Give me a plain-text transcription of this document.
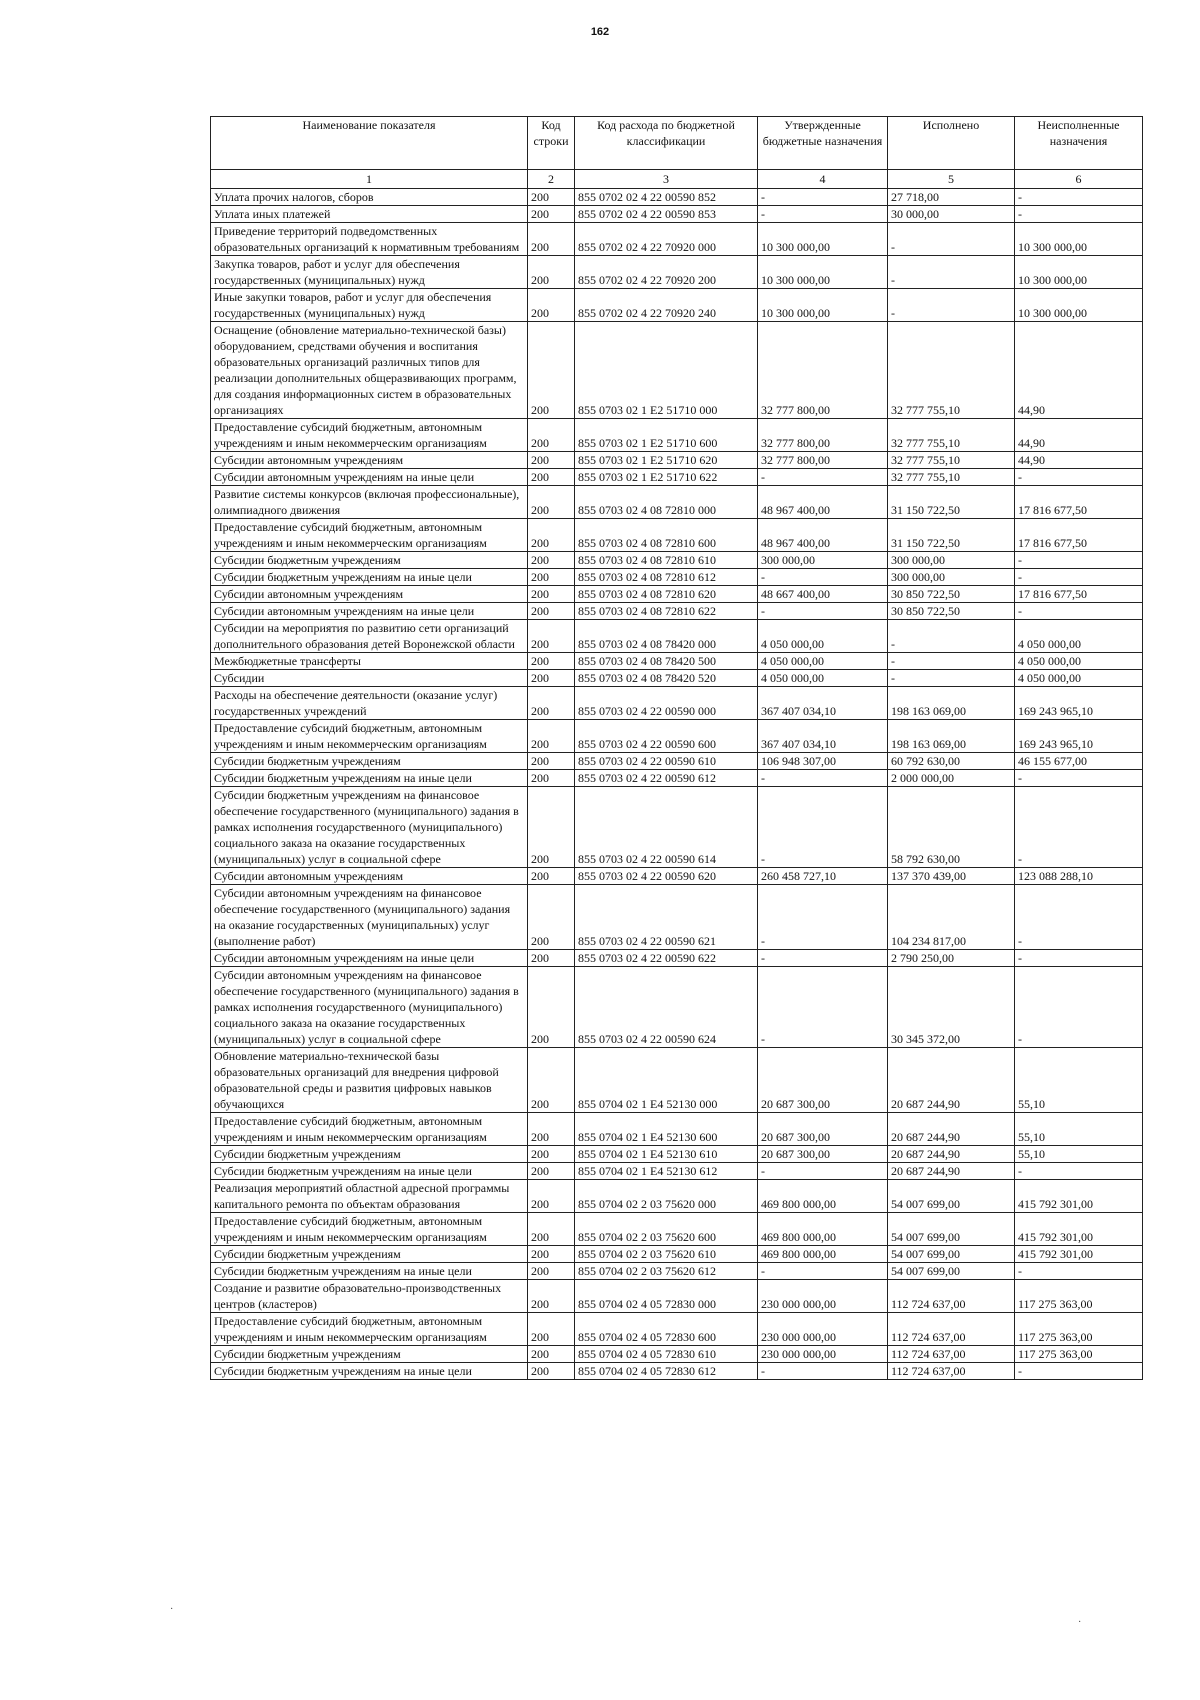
162
Наименование показателя	Код строки	Код расхода по бюджетной классификации	Утвержденные бюджетные назначения	Исполнено	Неисполненные назначения
1	2	3	4	5	6
Уплата прочих налогов, сборов	200	855 0702 02 4 22 00590 852	-	27 718,00	-
Уплата иных платежей	200	855 0702 02 4 22 00590 853	-	30 000,00	-
Приведение территорий подведомственных образовательных организаций к нормативным требованиям	200	855 0702 02 4 22 70920 000	10 300 000,00	-	10 300 000,00
Закупка товаров, работ и услуг для обеспечения государственных (муниципальных) нужд	200	855 0702 02 4 22 70920 200	10 300 000,00	-	10 300 000,00
Иные закупки товаров, работ и услуг для обеспечения государственных (муниципальных) нужд	200	855 0702 02 4 22 70920 240	10 300 000,00	-	10 300 000,00
Оснащение (обновление материально-технической базы) оборудованием, средствами обучения и воспитания образовательных организаций различных типов для реализации дополнительных общеразвивающих программ, для создания информационных систем в образовательных организациях	200	855 0703 02 1 E2 51710 000	32 777 800,00	32 777 755,10	44,90
Предоставление субсидий бюджетным, автономным учреждениям и иным некоммерческим организациям	200	855 0703 02 1 E2 51710 600	32 777 800,00	32 777 755,10	44,90
Субсидии автономным учреждениям	200	855 0703 02 1 E2 51710 620	32 777 800,00	32 777 755,10	44,90
Субсидии автономным учреждениям на иные цели	200	855 0703 02 1 E2 51710 622	-	32 777 755,10	-
Развитие системы конкурсов (включая профессиональные), олимпиадного движения	200	855 0703 02 4 08 72810 000	48 967 400,00	31 150 722,50	17 816 677,50
Предоставление субсидий бюджетным, автономным учреждениям и иным некоммерческим организациям	200	855 0703 02 4 08 72810 600	48 967 400,00	31 150 722,50	17 816 677,50
Субсидии бюджетным учреждениям	200	855 0703 02 4 08 72810 610	300 000,00	300 000,00	-
Субсидии бюджетным учреждениям на иные цели	200	855 0703 02 4 08 72810 612	-	300 000,00	-
Субсидии автономным учреждениям	200	855 0703 02 4 08 72810 620	48 667 400,00	30 850 722,50	17 816 677,50
Субсидии автономным учреждениям на иные цели	200	855 0703 02 4 08 72810 622	-	30 850 722,50	-
Субсидии на мероприятия по развитию сети организаций дополнительного образования детей Воронежской области	200	855 0703 02 4 08 78420 000	4 050 000,00	-	4 050 000,00
Межбюджетные трансферты	200	855 0703 02 4 08 78420 500	4 050 000,00	-	4 050 000,00
Субсидии	200	855 0703 02 4 08 78420 520	4 050 000,00	-	4 050 000,00
Расходы на обеспечение деятельности (оказание услуг) государственных учреждений	200	855 0703 02 4 22 00590 000	367 407 034,10	198 163 069,00	169 243 965,10
Предоставление субсидий бюджетным, автономным учреждениям и иным некоммерческим организациям	200	855 0703 02 4 22 00590 600	367 407 034,10	198 163 069,00	169 243 965,10
Субсидии бюджетным учреждениям	200	855 0703 02 4 22 00590 610	106 948 307,00	60 792 630,00	46 155 677,00
Субсидии бюджетным учреждениям на иные цели	200	855 0703 02 4 22 00590 612	-	2 000 000,00	-
Субсидии бюджетным учреждениям на финансовое обеспечение государственного (муниципального) задания в рамках исполнения государственного (муниципального) социального заказа на оказание государственных (муниципальных) услуг в социальной сфере	200	855 0703 02 4 22 00590 614	-	58 792 630,00	-
Субсидии автономным учреждениям	200	855 0703 02 4 22 00590 620	260 458 727,10	137 370 439,00	123 088 288,10
Субсидии автономным учреждениям на финансовое обеспечение государственного (муниципального) задания на оказание государственных (муниципальных) услуг (выполнение работ)	200	855 0703 02 4 22 00590 621	-	104 234 817,00	-
Субсидии автономным учреждениям на иные цели	200	855 0703 02 4 22 00590 622	-	2 790 250,00	-
Субсидии автономным учреждениям на финансовое обеспечение государственного (муниципального) задания в рамках исполнения государственного (муниципального) социального заказа на оказание государственных (муниципальных) услуг в социальной сфере	200	855 0703 02 4 22 00590 624	-	30 345 372,00	-
Обновление материально-технической базы образовательных организаций для внедрения цифровой образовательной среды и развития цифровых навыков обучающихся	200	855 0704 02 1 E4 52130 000	20 687 300,00	20 687 244,90	55,10
Предоставление субсидий бюджетным, автономным учреждениям и иным некоммерческим организациям	200	855 0704 02 1 E4 52130 600	20 687 300,00	20 687 244,90	55,10
Субсидии бюджетным учреждениям	200	855 0704 02 1 E4 52130 610	20 687 300,00	20 687 244,90	55,10
Субсидии бюджетным учреждениям на иные цели	200	855 0704 02 1 E4 52130 612	-	20 687 244,90	-
Реализация мероприятий областной адресной программы капитального ремонта по объектам образования	200	855 0704 02 2 03 75620 000	469 800 000,00	54 007 699,00	415 792 301,00
Предоставление субсидий бюджетным, автономным учреждениям и иным некоммерческим организациям	200	855 0704 02 2 03 75620 600	469 800 000,00	54 007 699,00	415 792 301,00
Субсидии бюджетным учреждениям	200	855 0704 02 2 03 75620 610	469 800 000,00	54 007 699,00	415 792 301,00
Субсидии бюджетным учреждениям на иные цели	200	855 0704 02 2 03 75620 612	-	54 007 699,00	-
Создание и развитие образовательно-производственных центров (кластеров)	200	855 0704 02 4 05 72830 000	230 000 000,00	112 724 637,00	117 275 363,00
Предоставление субсидий бюджетным, автономным учреждениям и иным некоммерческим организациям	200	855 0704 02 4 05 72830 600	230 000 000,00	112 724 637,00	117 275 363,00
Субсидии бюджетным учреждениям	200	855 0704 02 4 05 72830 610	230 000 000,00	112 724 637,00	117 275 363,00
Субсидии бюджетным учреждениям на иные цели	200	855 0704 02 4 05 72830 612	-	112 724 637,00	-
·
·
